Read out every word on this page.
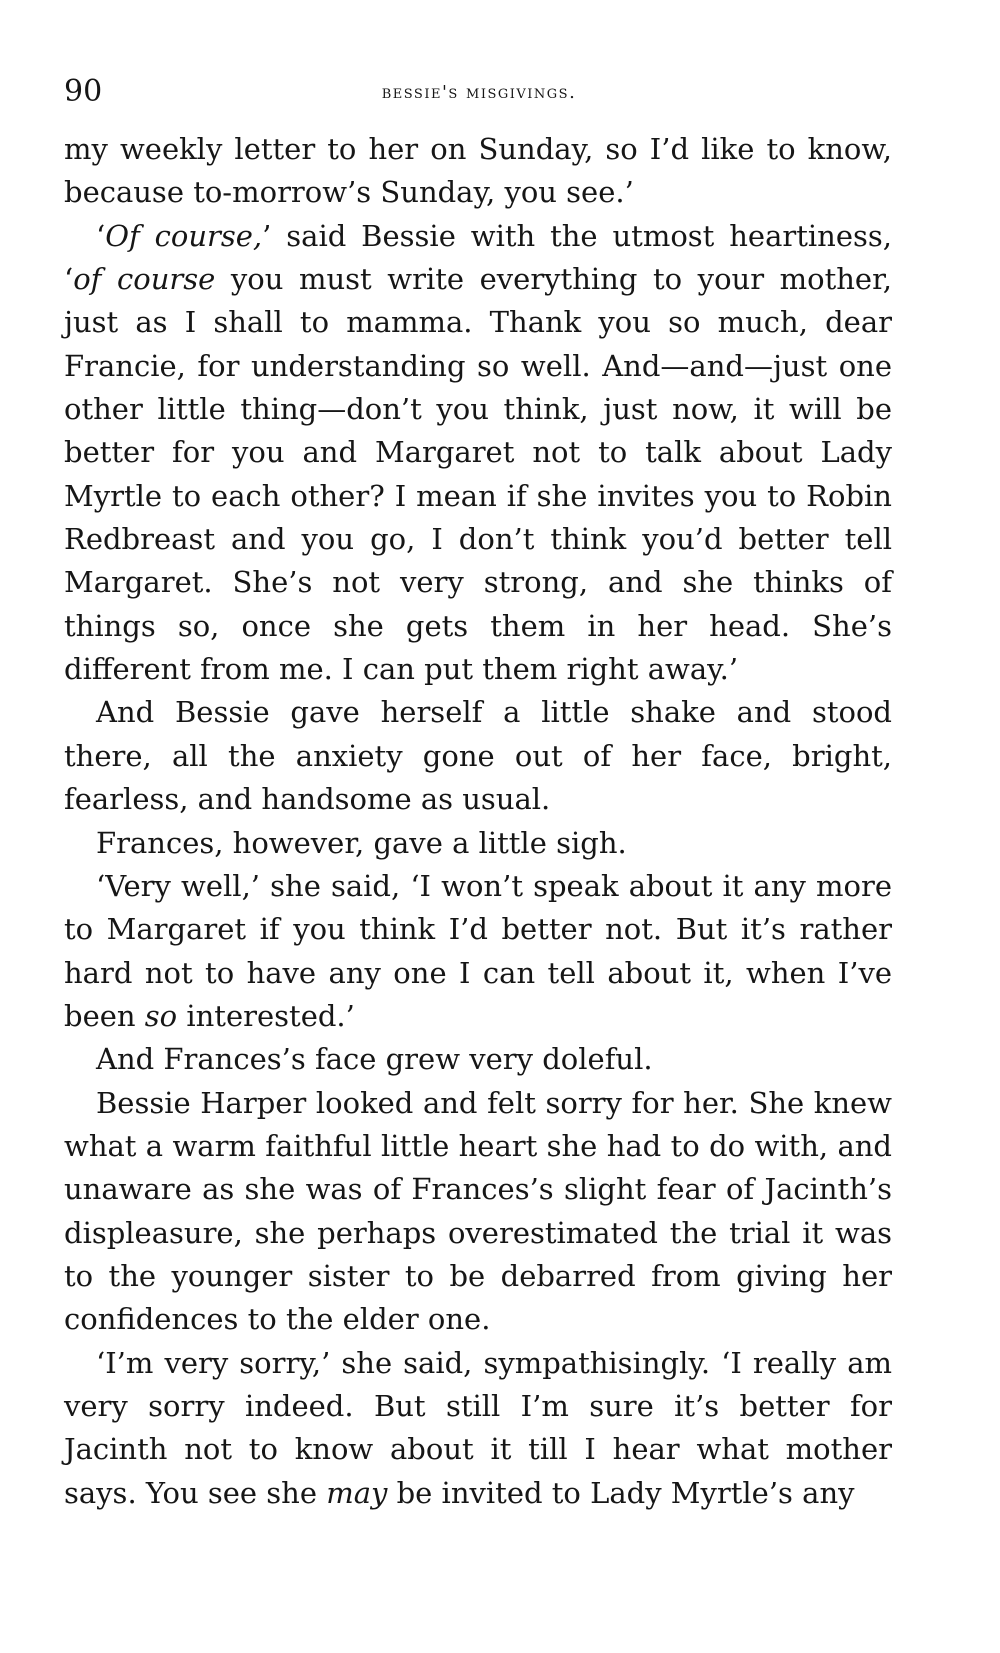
90	bessie's misgivings.

my weekly letter to her on Sunday, so I’d like to know, because to-morrow’s Sunday, you see.’

‘Of course,’ said Bessie with the utmost heartiness, ‘of course you must write everything to your mother, just as I shall to mamma. Thank you so much, dear Francie, for understanding so well. And—and—just one other little thing—don’t you think, just now, it will be better for you and Margaret not to talk about Lady Myrtle to each other? I mean if she invites you to Robin Redbreast and you go, I don’t think you’d better tell Margaret. She’s not very strong, and she thinks of things so, once she gets them in her head. She’s different from me. I can put them right away.’

And Bessie gave herself a little shake and stood there, all the anxiety gone out of her face, bright, fearless, and handsome as usual.

Frances, however, gave a little sigh.

‘Very well,’ she said, ‘I won’t speak about it any more to Margaret if you think I’d better not. But it’s rather hard not to have any one I can tell about it, when I’ve been so interested.’

And Frances’s face grew very doleful.

Bessie Harper looked and felt sorry for her. She knew what a warm faithful little heart she had to do with, and unaware as she was of Frances’s slight fear of Jacinth’s displeasure, she perhaps overestimated the trial it was to the younger sister to be debarred from giving her confidences to the elder one.

‘I’m very sorry,’ she said, sympathisingly. ‘I really am very sorry indeed. But still I’m sure it’s better for Jacinth not to know about it till I hear what mother says. You see she may be invited to Lady Myrtle’s any
